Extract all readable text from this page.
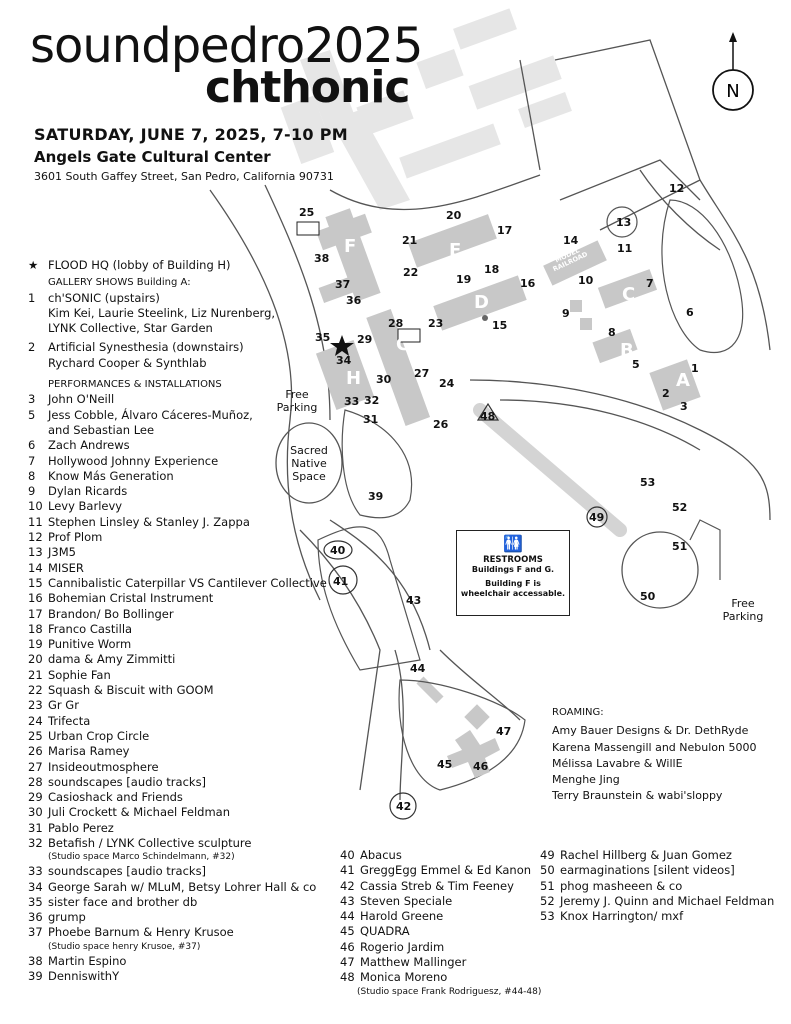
N
soundpedro2025
chthonic
SATURDAY, JUNE 7, 2025, 7-10 PM
Angels Gate Cultural Center
3601 South Gaffey Street, San Pedro, California 90731
★ FLOOD HQ (lobby of Building H)
GALLERY SHOWS Building A:
1	ch'SONIC (upstairs)
Kim Kei, Laurie Steelink, Liz Nurenberg,
LYNK Collective, Star Garden
2	Artificial Synesthesia (downstairs)
Rychard Cooper & Synthlab
PERFORMANCES & INSTALLATIONS
3	John O'Neill
5	Jess Cobble, Álvaro Cáceres-Muñoz,
and Sebastian Lee
6	Zach Andrews
7	Hollywood Johnny Experience
8	Know Más Generation
9	Dylan Ricards
10 Levy Barlevy
11 Stephen Linsley & Stanley J. Zappa
12 Prof Plom
13 J3M5
14 MISER
15 Cannibalistic Caterpillar VS Cantilever Collective
16 Bohemian Cristal Instrument
17 Brandon/ Bo Bollinger
18 Franco Castilla
19 Punitive Worm
20 dama & Amy Zimmitti
21 Sophie Fan
22 Squash & Biscuit with GOOM
23 Gr Gr
24 Trifecta
25 Urban Crop Circle
26 Marisa Ramey
27 Insideoutmosphere
28 soundscapes [audio tracks]
29 Casioshack and Friends
30 Juli Crockett & Michael Feldman
31 Pablo Perez
32 Betafish / LYNK Collective sculpture
(Studio space Marco Schindelmann, #32)
33 soundscapes [audio tracks]
34 George Sarah w/ MLuM, Betsy Lohrer Hall & co
35 sister face and brother db
36 grump
37 Phoebe Barnum & Henry Krusoe
(Studio space henry Krusoe, #37)
38 Martin Espino
39 DenniswithY
40 Abacus
41 GreggEgg Emmel & Ed Kanon
42 Cassia Streb & Tim Feeney
43 Steven Speciale
44 Harold Greene
45 QUADRA
46 Rogerio Jardim
47 Matthew Mallinger
48 Monica Moreno
(Studio space Frank Rodriguesz, #44-48)
49 Rachel Hillberg & Juan Gomez
50 earmaginations [silent videos]
51 phog masheeen & co
52 Jeremy J. Quinn and Michael Feldman
53 Knox Harrington/ mxf
ROAMING:
Amy Bauer Designs & Dr. DethRyde
Karena Massengill and Nebulon 5000
Mélissa Lavabre & WillE
Menghe Jing
Terry Braunstein & wabi'sloppy
Free Parking
Free Parking
Sacred Native Space
MODEL RAILROAD
🚻
RESTROOMS
Buildings F and G.
Building F is
wheelchair accessable.
1
2
3
5
6
7
8
9
10
11
12
13
14
15
16
17
18
19
20
21
22
23
24
25
26
27
28
29
30
31
32
33
34
35
36
37
38
39
40
41
42
43
44
45 46
47
48
49
50
51
52
53
A
B
C
D
E
F
G
H
